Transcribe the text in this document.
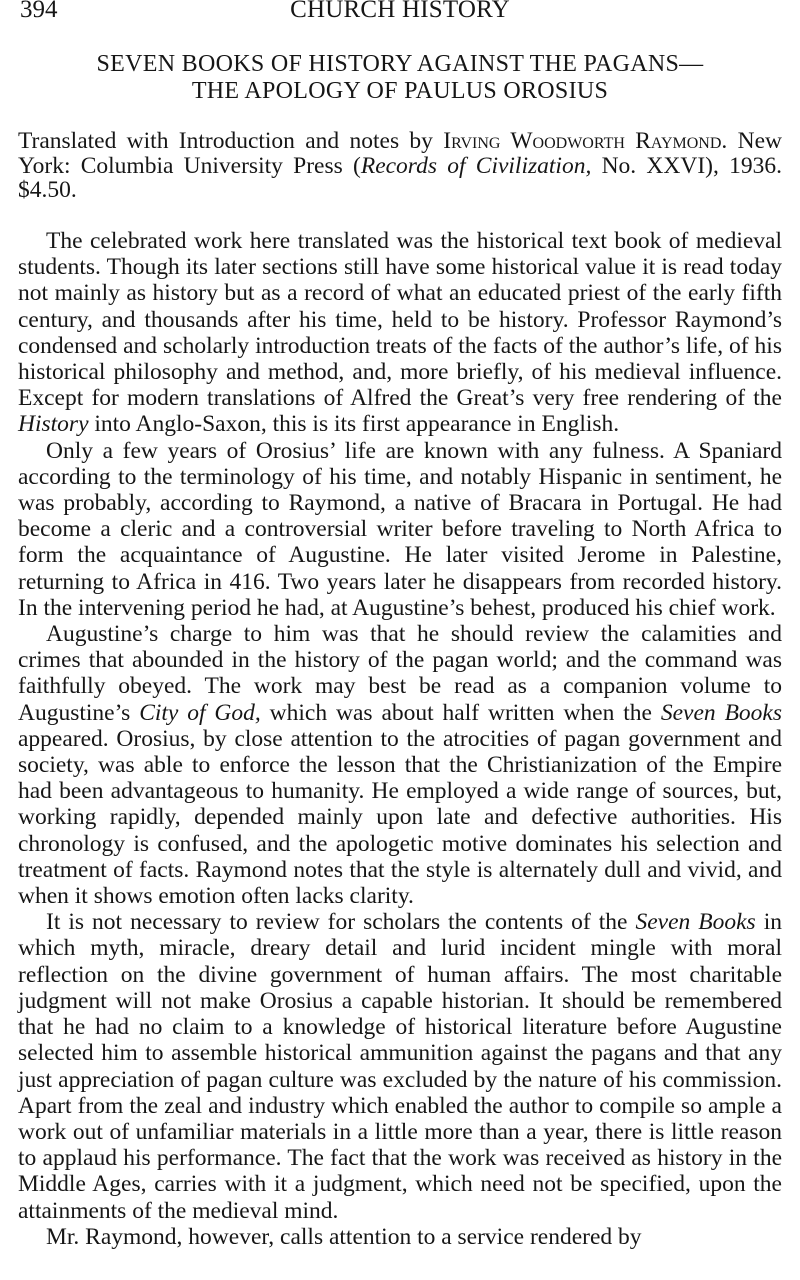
394	CHURCH HISTORY
SEVEN BOOKS OF HISTORY AGAINST THE PAGANS—
THE APOLOGY OF PAULUS OROSIUS
Translated with Introduction and notes by Irving Woodworth Raymond. New York: Columbia University Press (Records of Civilization, No. XXVI), 1936. $4.50.

The celebrated work here translated was the historical text book of medieval students. Though its later sections still have some historical value it is read today not mainly as history but as a record of what an educated priest of the early fifth century, and thousands after his time, held to be history. Professor Raymond’s condensed and scholarly introduction treats of the facts of the author’s life, of his historical philosophy and method, and, more briefly, of his medieval influence. Except for modern translations of Alfred the Great’s very free rendering of the History into Anglo-Saxon, this is its first appearance in English.

Only a few years of Orosius’ life are known with any fulness. A Spaniard according to the terminology of his time, and notably Hispanic in sentiment, he was probably, according to Raymond, a native of Bracara in Portugal. He had become a cleric and a controversial writer before traveling to North Africa to form the acquaintance of Augustine. He later visited Jerome in Palestine, returning to Africa in 416. Two years later he disappears from recorded history. In the intervening period he had, at Augustine’s behest, produced his chief work.

Augustine’s charge to him was that he should review the calamities and crimes that abounded in the history of the pagan world; and the command was faithfully obeyed. The work may best be read as a companion volume to Augustine’s City of God, which was about half written when the Seven Books appeared. Orosius, by close attention to the atrocities of pagan government and society, was able to enforce the lesson that the Christianization of the Empire had been advantageous to humanity. He employed a wide range of sources, but, working rapidly, depended mainly upon late and defective authorities. His chronology is confused, and the apologetic motive dominates his selection and treatment of facts. Raymond notes that the style is alternately dull and vivid, and when it shows emotion often lacks clarity.

It is not necessary to review for scholars the contents of the Seven Books in which myth, miracle, dreary detail and lurid incident mingle with moral reflection on the divine government of human affairs. The most charitable judgment will not make Orosius a capable historian. It should be remembered that he had no claim to a knowledge of historical literature before Augustine selected him to assemble historical ammunition against the pagans and that any just appreciation of pagan culture was excluded by the nature of his commission. Apart from the zeal and industry which enabled the author to compile so ample a work out of unfamiliar materials in a little more than a year, there is little reason to applaud his performance. The fact that the work was received as history in the Middle Ages, carries with it a judgment, which need not be specified, upon the attainments of the medieval mind.

Mr. Raymond, however, calls attention to a service rendered by
